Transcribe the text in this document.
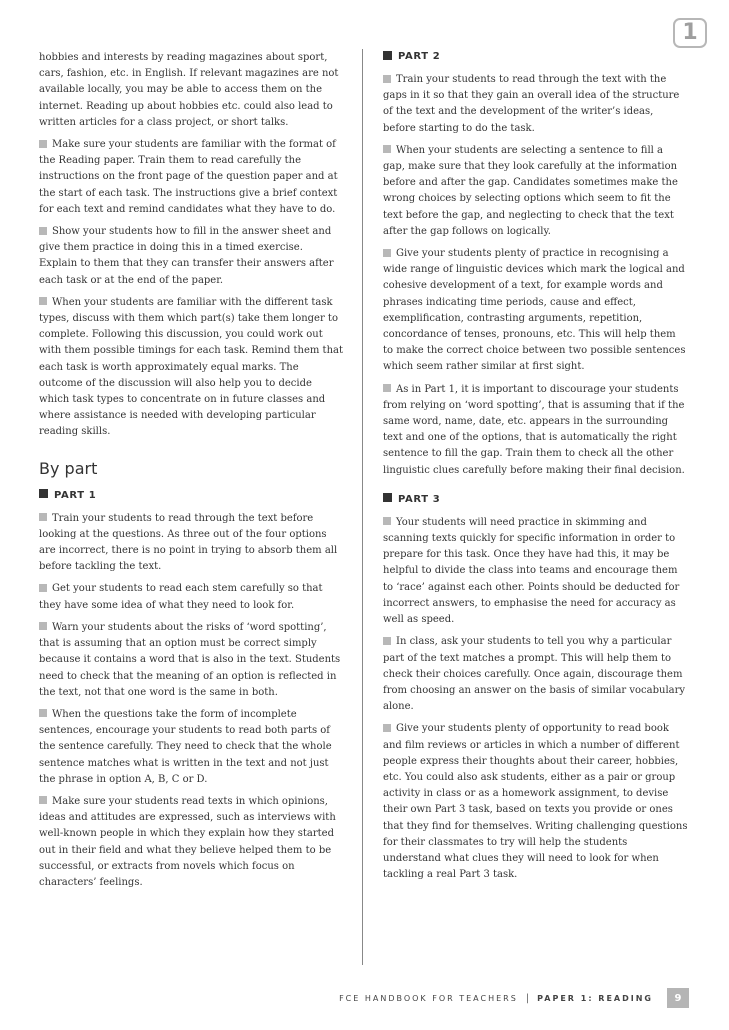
1

hobbies and interests by reading magazines about sport, cars, fashion, etc. in English. If relevant magazines are not available locally, you may be able to access them on the internet. Reading up about hobbies etc. could also lead to written articles for a class project, or short talks.

Make sure your students are familiar with the format of the Reading paper. Train them to read carefully the instructions on the front page of the question paper and at the start of each task. The instructions give a brief context for each text and remind candidates what they have to do.

Show your students how to fill in the answer sheet and give them practice in doing this in a timed exercise. Explain to them that they can transfer their answers after each task or at the end of the paper.

When your students are familiar with the different task types, discuss with them which part(s) take them longer to complete. Following this discussion, you could work out with them possible timings for each task. Remind them that each task is worth approximately equal marks. The outcome of the discussion will also help you to decide which task types to concentrate on in future classes and where assistance is needed with developing particular reading skills.

By part
PART 1

Train your students to read through the text before looking at the questions. As three out of the four options are incorrect, there is no point in trying to absorb them all before tackling the text.

Get your students to read each stem carefully so that they have some idea of what they need to look for.

Warn your students about the risks of ‘word spotting’, that is assuming that an option must be correct simply because it contains a word that is also in the text. Students need to check that the meaning of an option is reflected in the text, not that one word is the same in both.

When the questions take the form of incomplete sentences, encourage your students to read both parts of the sentence carefully. They need to check that the whole sentence matches what is written in the text and not just the phrase in option A, B, C or D.

Make sure your students read texts in which opinions, ideas and attitudes are expressed, such as interviews with well-known people in which they explain how they started out in their field and what they believe helped them to be successful, or extracts from novels which focus on characters’ feelings.

PART 2

Train your students to read through the text with the gaps in it so that they gain an overall idea of the structure of the text and the development of the writer’s ideas, before starting to do the task.

When your students are selecting a sentence to fill a gap, make sure that they look carefully at the information before and after the gap. Candidates sometimes make the wrong choices by selecting options which seem to fit the text before the gap, and neglecting to check that the text after the gap follows on logically.

Give your students plenty of practice in recognising a wide range of linguistic devices which mark the logical and cohesive development of a text, for example words and phrases indicating time periods, cause and effect, exemplification, contrasting arguments, repetition, concordance of tenses, pronouns, etc. This will help them to make the correct choice between two possible sentences which seem rather similar at first sight.

As in Part 1, it is important to discourage your students from relying on ‘word spotting’, that is assuming that if the same word, name, date, etc. appears in the surrounding text and one of the options, that is automatically the right sentence to fill the gap. Train them to check all the other linguistic clues carefully before making their final decision.

PART 3

Your students will need practice in skimming and scanning texts quickly for specific information in order to prepare for this task. Once they have had this, it may be helpful to divide the class into teams and encourage them to ‘race’ against each other. Points should be deducted for incorrect answers, to emphasise the need for accuracy as well as speed.

In class, ask your students to tell you why a particular part of the text matches a prompt. This will help them to check their choices carefully. Once again, discourage them from choosing an answer on the basis of similar vocabulary alone.

Give your students plenty of opportunity to read book and film reviews or articles in which a number of different people express their thoughts about their career, hobbies, etc. You could also ask students, either as a pair or group activity in class or as a homework assignment, to devise their own Part 3 task, based on texts you provide or ones that they find for themselves. Writing challenging questions for their classmates to try will help the students understand what clues they will need to look for when tackling a real Part 3 task.

FCE HANDBOOK FOR TEACHERS | PAPER 1: READING	9
